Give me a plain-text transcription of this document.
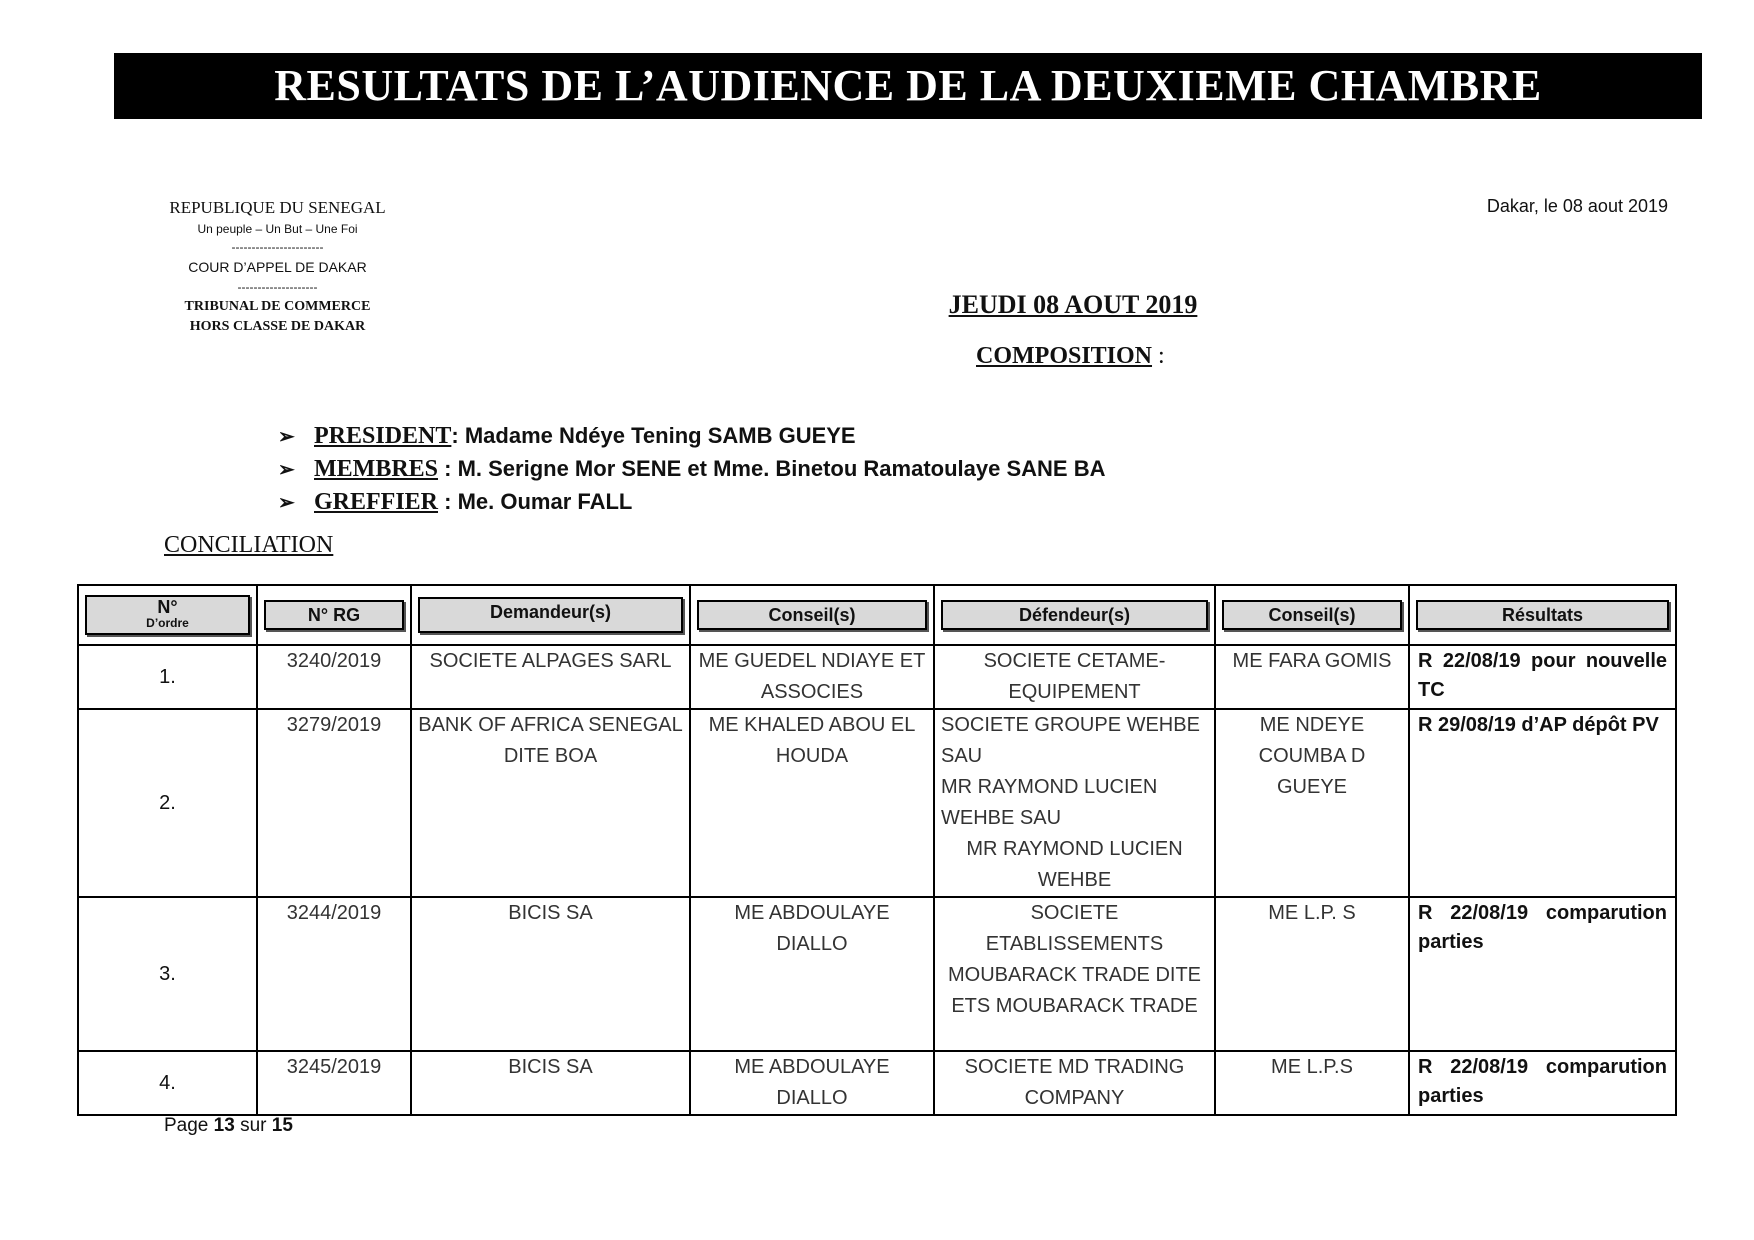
RESULTATS DE L’AUDIENCE DE LA DEUXIEME CHAMBRE
REPUBLIQUE DU SENEGAL
Un peuple – Un But – Une Foi
-----------------------
COUR D’APPEL DE DAKAR
--------------------
TRIBUNAL DE COMMERCE
HORS CLASSE DE DAKAR
Dakar, le 08 aout 2019
JEUDI 08 AOUT 2019
COMPOSITION :
➢ PRESIDENT: Madame Ndéye Tening SAMB GUEYE
➢ MEMBRES : M. Serigne Mor SENE et Mme. Binetou Ramatoulaye SANE BA
➢ GREFFIER : Me. Oumar FALL
CONCILIATION
N°
D’ordre	N° RG	Demandeur(s)	Conseil(s)	Défendeur(s)	Conseil(s)	Résultats

1.	3240/2019	SOCIETE ALPAGES SARL	ME GUEDEL NDIAYE ET ASSOCIES	SOCIETE CETAME-EQUIPEMENT	ME FARA GOMIS	R 22/08/19 pour nouvelle TC
2.	3279/2019	BANK OF AFRICA SENEGAL DITE BOA	ME KHALED ABOU EL HOUDA	SOCIETE GROUPE WEHBE SAU
MR RAYMOND LUCIEN WEHBE SAU
MR RAYMOND LUCIEN WEHBE	ME NDEYE COUMBA D GUEYE	R 29/08/19 d’AP dépôt PV
3.	3244/2019	BICIS SA	ME ABDOULAYE DIALLO	SOCIETE ETABLISSEMENTS MOUBARACK TRADE DITE ETS MOUBARACK TRADE	ME L.P. S	R 22/08/19 comparution parties
4.	3245/2019	BICIS SA	ME ABDOULAYE DIALLO	SOCIETE MD TRADING COMPANY	ME L.P.S	R 22/08/19 comparution parties
Page 13 sur 15
